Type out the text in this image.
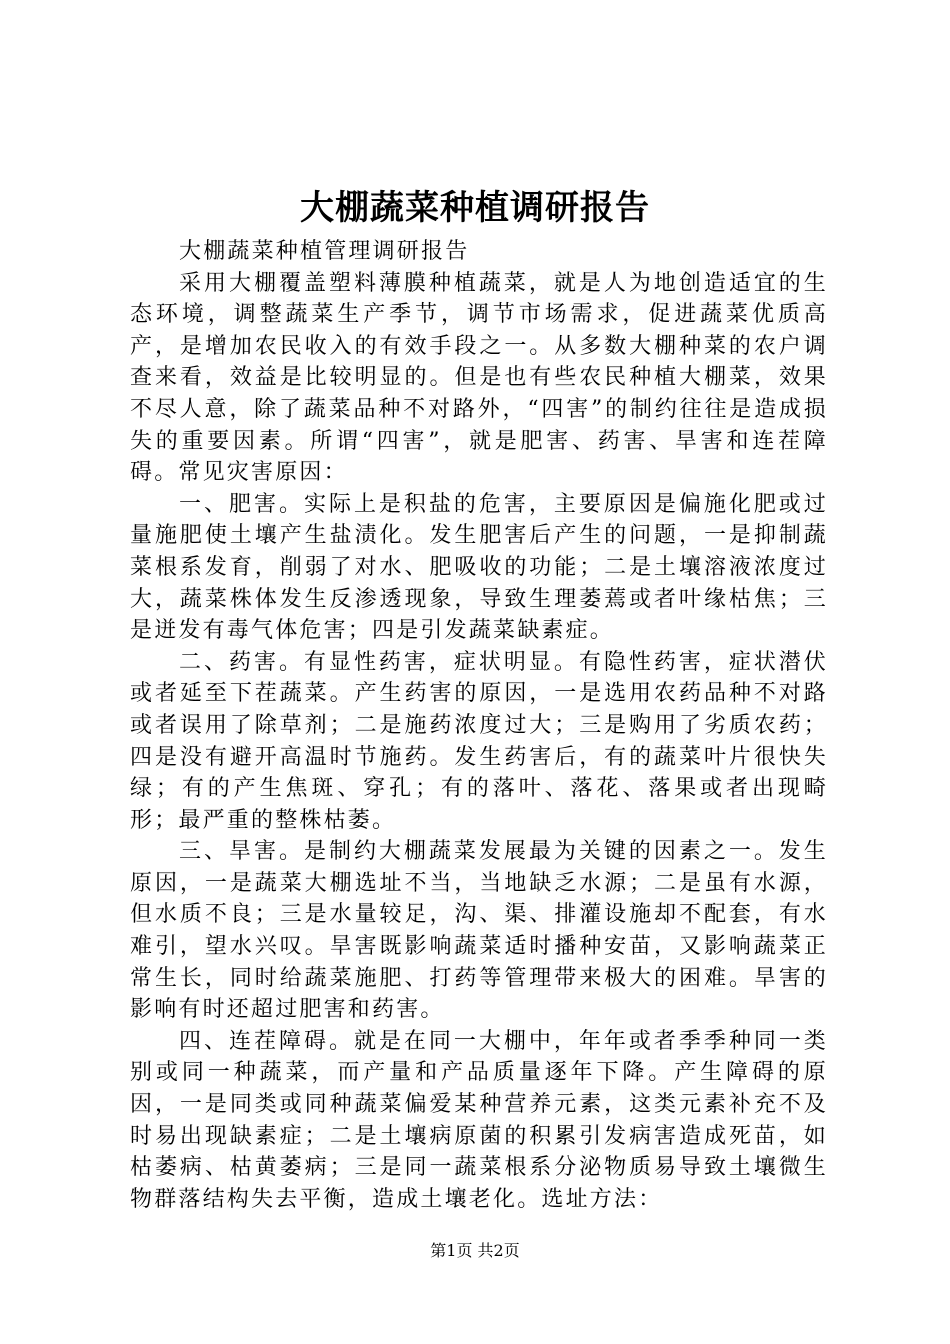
大棚蔬菜种植调研报告

大棚蔬菜种植管理调研报告

采用大棚覆盖塑料薄膜种植蔬菜，就是人为地创造适宜的生态环境，调整蔬菜生产季节，调节市场需求，促进蔬菜优质高产，是增加农民收入的有效手段之一。从多数大棚种菜的农户调查来看，效益是比较明显的。但是也有些农民种植大棚菜，效果不尽人意，除了蔬菜品种不对路外，“四害”的制约往往是造成损失的重要因素。所谓“四害”，就是肥害、药害、旱害和连茬障碍。常见灾害原因：

一、肥害。实际上是积盐的危害，主要原因是偏施化肥或过量施肥使土壤产生盐渍化。发生肥害后产生的问题，一是抑制蔬菜根系发育，削弱了对水、肥吸收的功能；二是土壤溶液浓度过大，蔬菜株体发生反渗透现象，导致生理萎蔫或者叶缘枯焦；三是迸发有毒气体危害；四是引发蔬菜缺素症。

二、药害。有显性药害，症状明显。有隐性药害，症状潜伏或者延至下茬蔬菜。产生药害的原因，一是选用农药品种不对路或者误用了除草剂；二是施药浓度过大；三是购用了劣质农药；四是没有避开高温时节施药。发生药害后，有的蔬菜叶片很快失绿；有的产生焦斑、穿孔；有的落叶、落花、落果或者出现畸形；最严重的整株枯萎。

三、旱害。是制约大棚蔬菜发展最为关键的因素之一。发生原因，一是蔬菜大棚选址不当，当地缺乏水源；二是虽有水源，但水质不良；三是水量较足，沟、渠、排灌设施却不配套，有水难引，望水兴叹。旱害既影响蔬菜适时播种安苗，又影响蔬菜正常生长，同时给蔬菜施肥、打药等管理带来极大的困难。旱害的影响有时还超过肥害和药害。

四、连茬障碍。就是在同一大棚中，年年或者季季种同一类别或同一种蔬菜，而产量和产品质量逐年下降。产生障碍的原因，一是同类或同种蔬菜偏爱某种营养元素，这类元素补充不及时易出现缺素症；二是土壤病原菌的积累引发病害造成死苗，如枯萎病、枯黄萎病；三是同一蔬菜根系分泌物质易导致土壤微生物群落结构失去平衡，造成土壤老化。选址方法：

第1页 共2页
